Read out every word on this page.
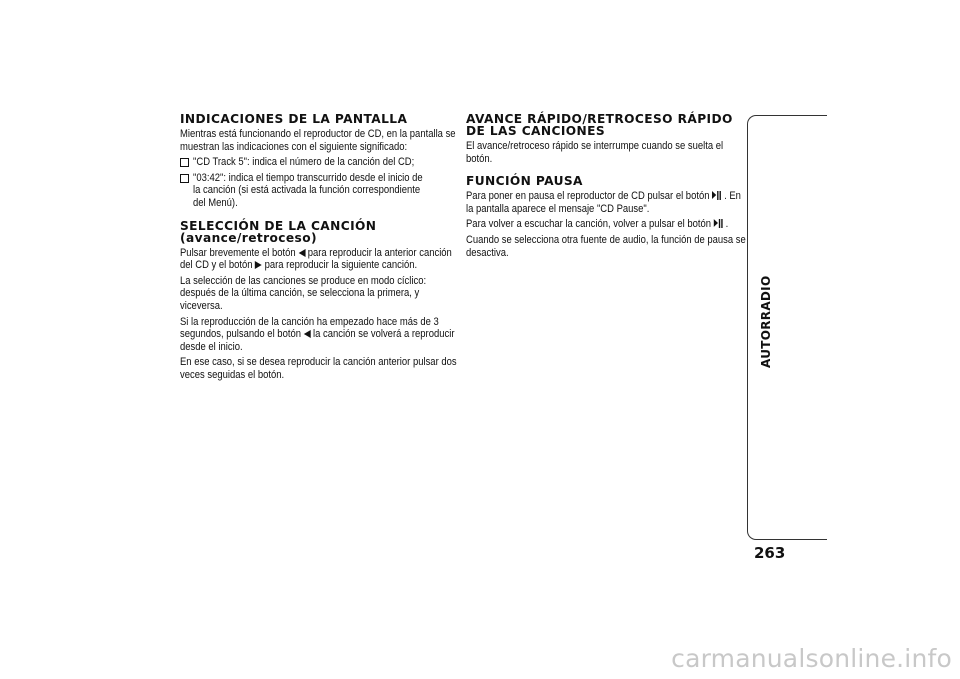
INDICACIONES DE LA PANTALLA

Mientras está funcionando el reproductor de CD, en la pantalla se muestran las indicaciones con el siguiente significado:

"CD Track 5": indica el número de la canción del CD;
"03:42": indica el tiempo transcurrido desde el inicio de la canción (si está activada la función correspondiente del Menú).
SELECCIÓN DE LA CANCIÓN
(avance/retroceso)

Pulsar brevemente el botón para reproducir la anterior canción del CD y el botón para reproducir la siguiente canción.

La selección de las canciones se produce en modo cíclico: después de la última canción, se selecciona la primera, y viceversa.

Si la reproducción de la canción ha empezado hace más de 3 segundos, pulsando el botón la canción se volverá a reproducir desde el inicio.

En ese caso, si se desea reproducir la canción anterior pulsar dos veces seguidas el botón.

AVANCE RÁPIDO/RETROCESO RÁPIDO
DE LAS CANCIONES

El avance/retroceso rápido se interrumpe cuando se suelta el botón.

FUNCIÓN PAUSA

Para poner en pausa el reproductor de CD pulsar el botón . En la pantalla aparece el mensaje "CD Pause".

Para volver a escuchar la canción, volver a pulsar el botón .

Cuando se selecciona otra fuente de audio, la función de pausa se desactiva.

AUTORRADIO
263
carmanualsonline.info
